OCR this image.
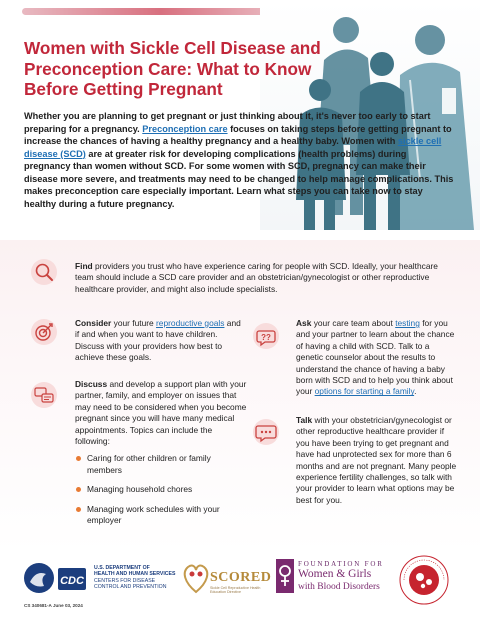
Women with Sickle Cell Disease and Preconception Care: What to Know Before Getting Pregnant

Whether you are planning to get pregnant or just thinking about it, it's never too early to start preparing for a pregnancy. Preconception care focuses on taking steps before getting pregnant to increase the chances of having a healthy pregnancy and a healthy baby. Women with sickle cell disease (SCD) are at greater risk for developing complications (health problems) during pregnancy than women without SCD. For some women with SCD, pregnancy can make their disease more severe, and treatments may need to be changed to help manage complications. This makes preconception care especially important. Learn what steps you can take now to stay healthy during a future pregnancy.

Find providers you trust who have experience caring for people with SCD. Ideally, your healthcare team should include a SCD care provider and an obstetrician/gynecologist or other reproductive healthcare provider, and might also include specialists.

Consider your future reproductive goals and if and when you want to have children. Discuss with your providers how best to achieve these goals.

??

Ask your care team about testing for you and your partner to learn about the chance of having a child with SCD. Talk to a genetic counselor about the results to understand the chance of having a baby born with SCD and to help you think about your options for starting a family.

Discuss and develop a support plan with your partner, family, and employer on issues that may need to be considered when you become pregnant since you will have many medical appointments. Topics can include the following:

Caring for other children or family members
Managing household chores
Managing work schedules with your employer

Talk with your obstetrician/gynecologist or other reproductive healthcare provider if you have been trying to get pregnant and have had unprotected sex for more than 6 months and are not pregnant. Many people experience fertility challenges, so talk with your provider to learn what options may be best for you.

CDC
U.S. DEPARTMENT OF
HEALTH AND HUMAN SERVICES
CENTERS FOR DISEASE
CONTROL AND PREVENTION
SCORED
Sickle Cell Reproductive Health Education Directive
FOUNDATION FOR
Women & Girls
with Blood Disorders
CS 340681-A June 03, 2024
